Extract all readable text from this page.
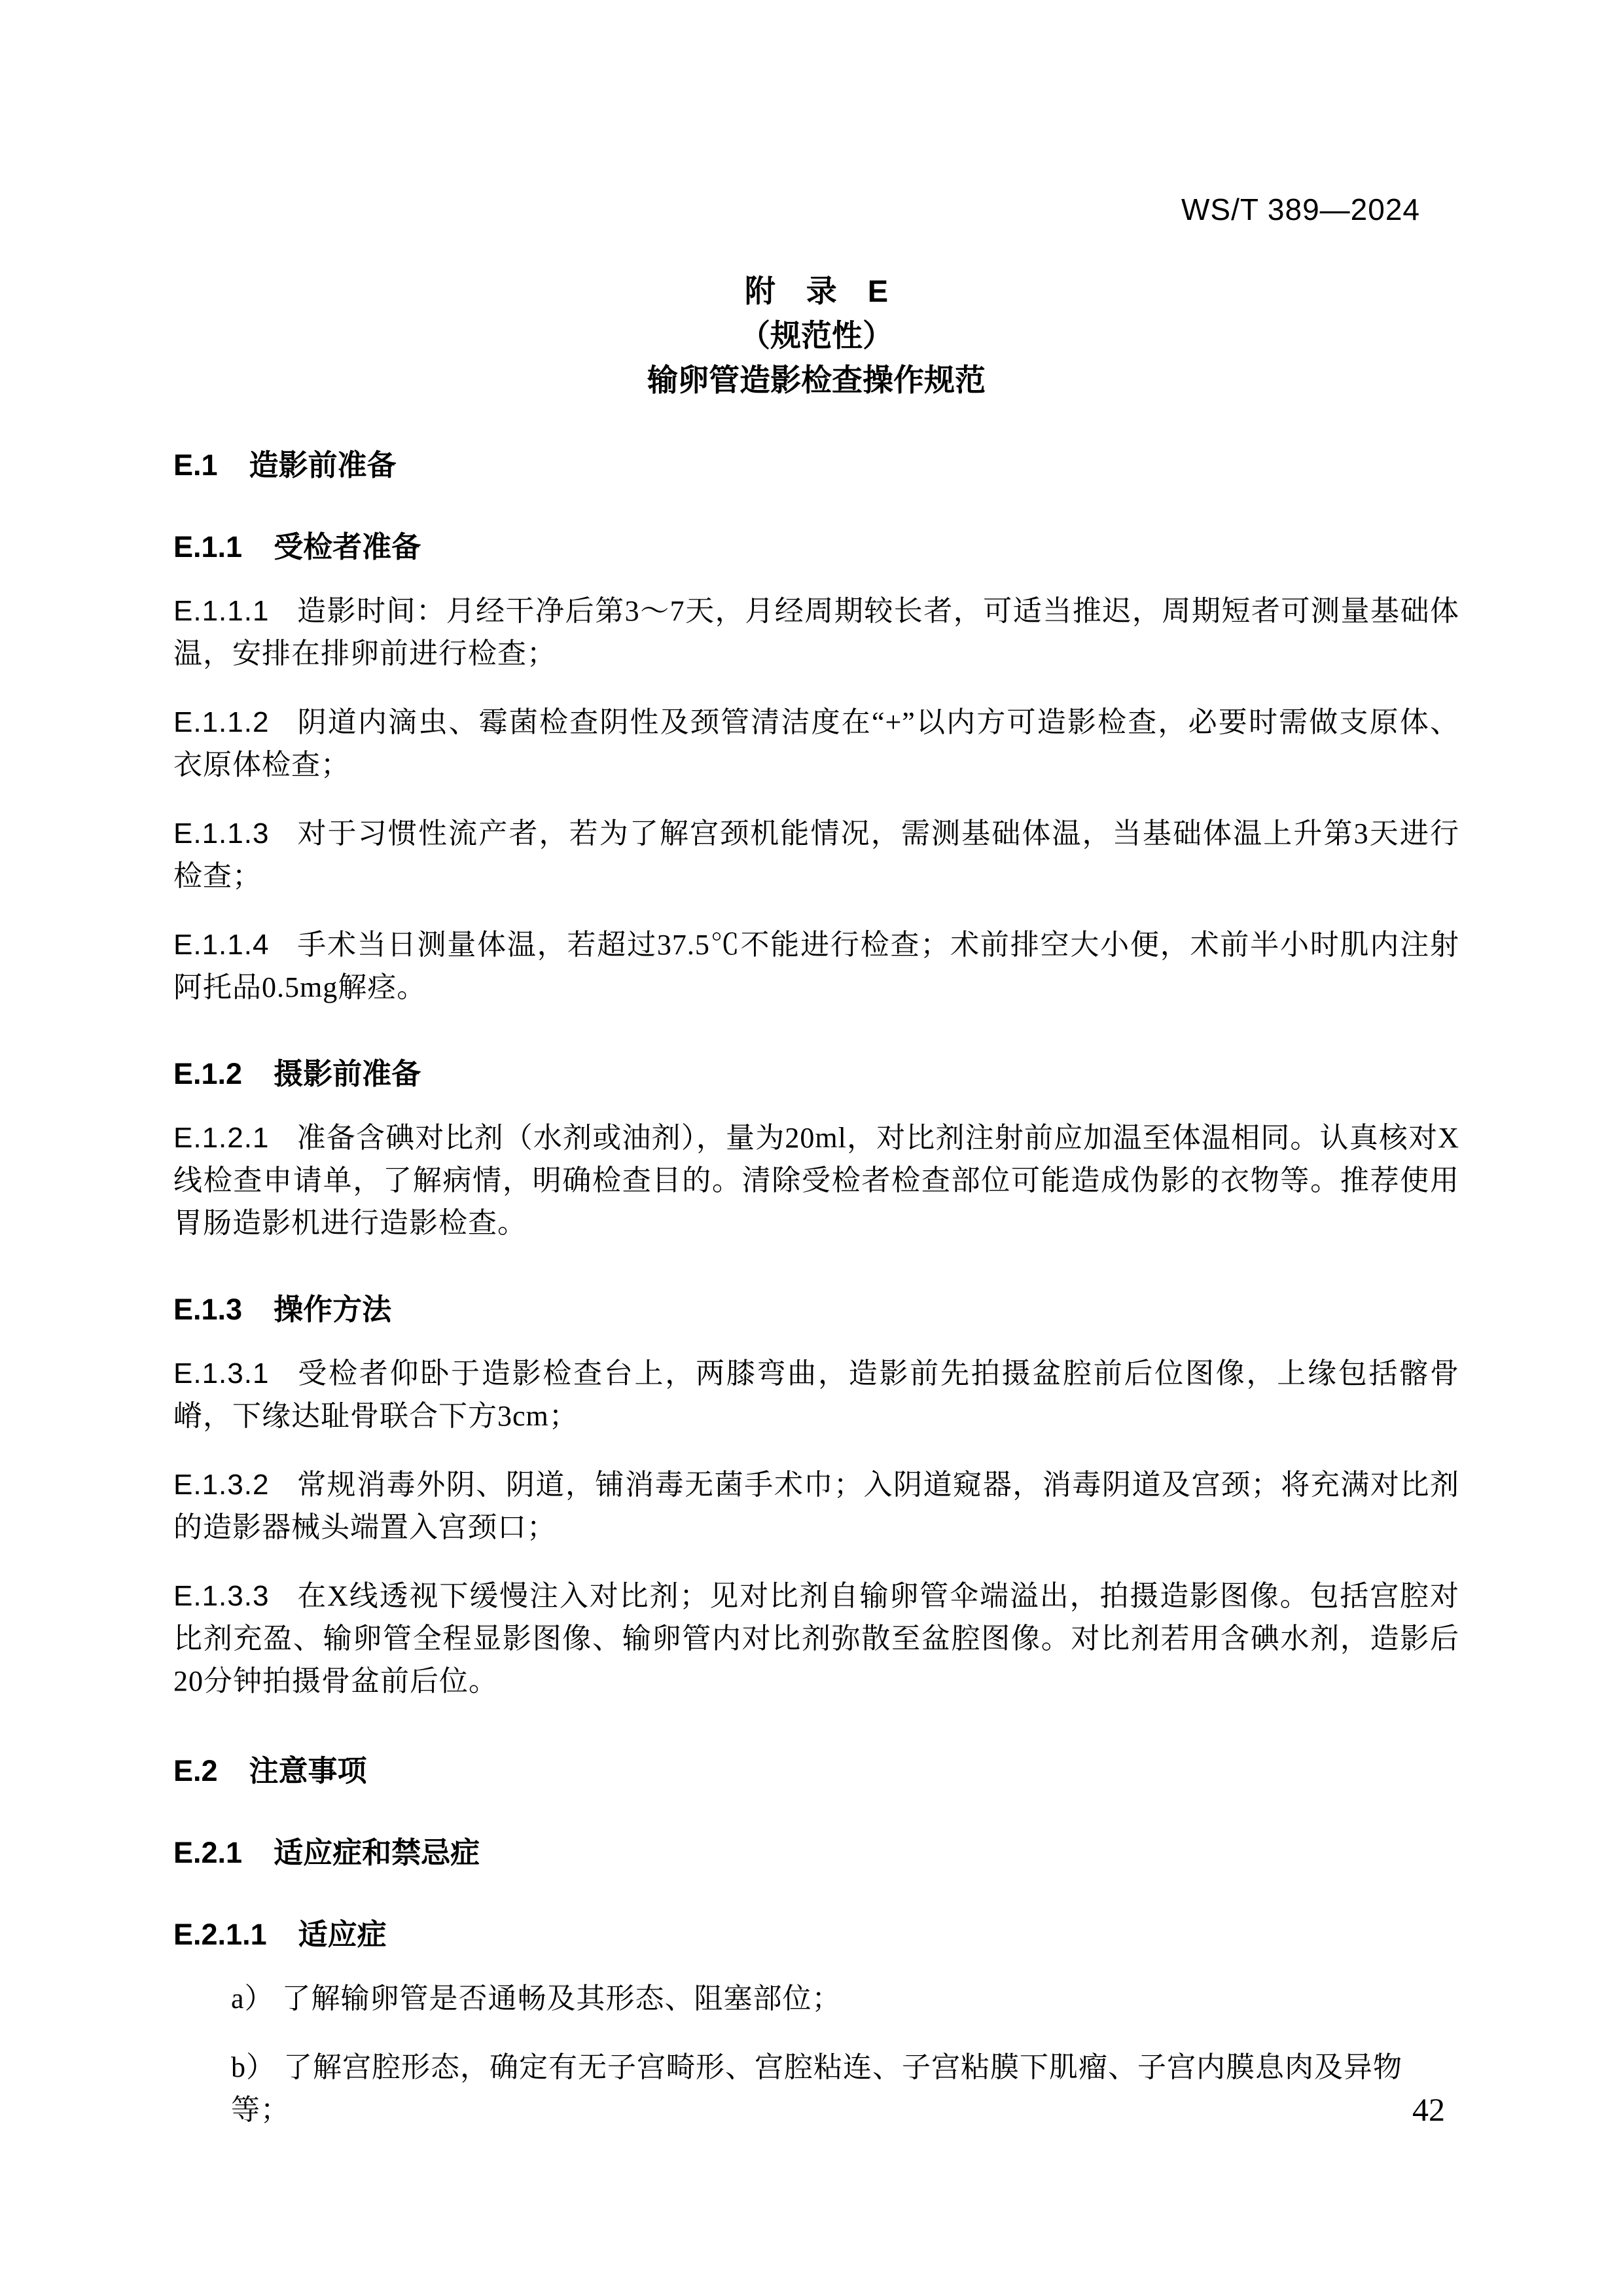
WS/T 389—2024
附　录　E
（规范性）
输卵管造影检查操作规范
E.1 造影前准备
E.1.1 受检者准备
E.1.1.1 造影时间：月经干净后第3～7天，月经周期较长者，可适当推迟，周期短者可测量基础体温，安排在排卵前进行检查；
E.1.1.2 阴道内滴虫、霉菌检查阴性及颈管清洁度在“+”以内方可造影检查，必要时需做支原体、衣原体检查；
E.1.1.3 对于习惯性流产者，若为了解宫颈机能情况，需测基础体温，当基础体温上升第3天进行检查；
E.1.1.4 手术当日测量体温，若超过37.5℃不能进行检查；术前排空大小便，术前半小时肌内注射阿托品0.5mg解痉。
E.1.2 摄影前准备
E.1.2.1 准备含碘对比剂（水剂或油剂），量为20ml，对比剂注射前应加温至体温相同。认真核对X线检查申请单，了解病情，明确检查目的。清除受检者检查部位可能造成伪影的衣物等。推荐使用胃肠造影机进行造影检查。
E.1.3 操作方法
E.1.3.1 受检者仰卧于造影检查台上，两膝弯曲，造影前先拍摄盆腔前后位图像，上缘包括髂骨嵴，下缘达耻骨联合下方3cm；
E.1.3.2 常规消毒外阴、阴道，铺消毒无菌手术巾；入阴道窥器，消毒阴道及宫颈；将充满对比剂的造影器械头端置入宫颈口；
E.1.3.3 在X线透视下缓慢注入对比剂；见对比剂自输卵管伞端溢出，拍摄造影图像。包括宫腔对比剂充盈、输卵管全程显影图像、输卵管内对比剂弥散至盆腔图像。对比剂若用含碘水剂，造影后20分钟拍摄骨盆前后位。
E.2 注意事项
E.2.1 适应症和禁忌症
E.2.1.1 适应症
a） 了解输卵管是否通畅及其形态、阻塞部位；
b） 了解宫腔形态，确定有无子宫畸形、宫腔粘连、子宫粘膜下肌瘤、子宫内膜息肉及异物等；	42
